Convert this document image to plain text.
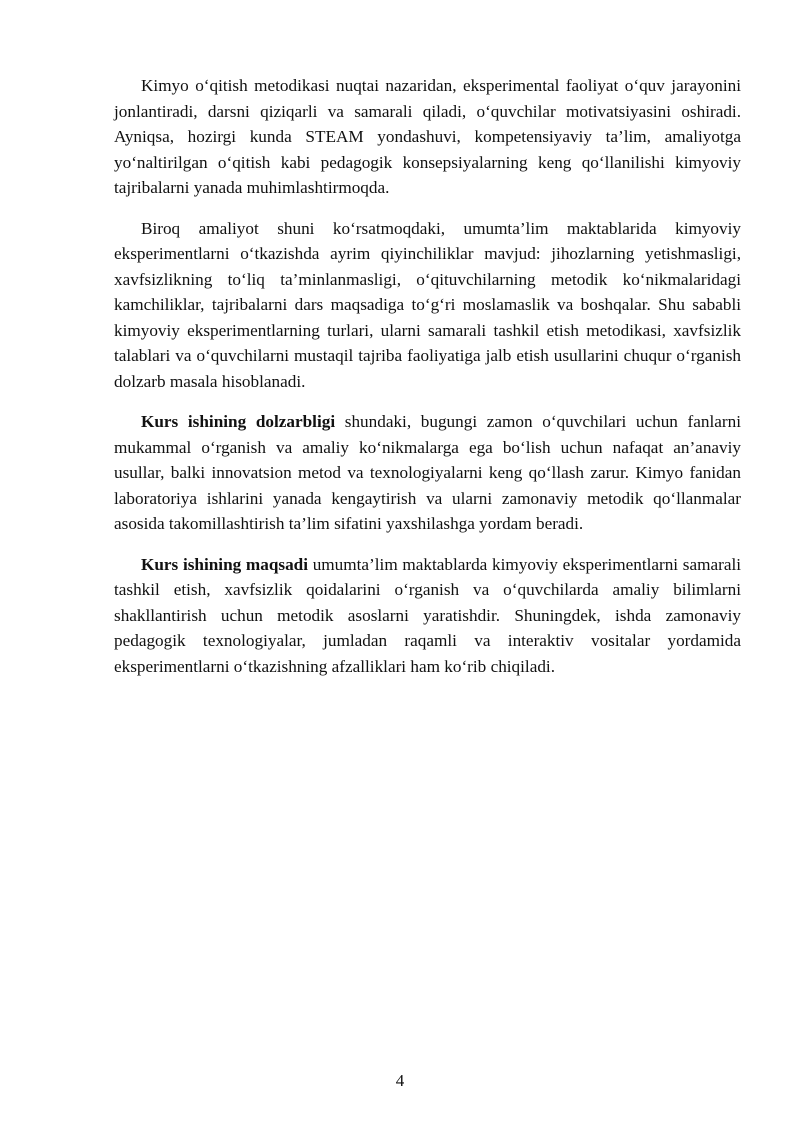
Kimyo o‘qitish metodikasi nuqtai nazaridan, eksperimental faoliyat o‘quv jarayonini jonlantiradi, darsni qiziqarli va samarali qiladi, o‘quvchilar motivatsiyasini oshiradi. Ayniqsa, hozirgi kunda STEAM yondashuvi, kompetensiyaviy ta’lim, amaliyotga yo‘naltirilgan o‘qitish kabi pedagogik konsepsiyalarning keng qo‘llanilishi kimyoviy tajribalarni yanada muhimlashtirmoqda.

Biroq amaliyot shuni ko‘rsatmoqdaki, umumta’lim maktablarida kimyoviy eksperimentlarni o‘tkazishda ayrim qiyinchiliklar mavjud: jihozlarning yetishmasligi, xavfsizlikning to‘liq ta’minlanmasligi, o‘qituvchilarning metodik ko‘nikmalaridagi kamchiliklar, tajribalarni dars maqsadiga to‘g‘ri moslamaslik va boshqalar. Shu sababli kimyoviy eksperimentlarning turlari, ularni samarali tashkil etish metodikasi, xavfsizlik talablari va o‘quvchilarni mustaqil tajriba faoliyatiga jalb etish usullarini chuqur o‘rganish dolzarb masala hisoblanadi.

Kurs ishining dolzarbligi shundaki, bugungi zamon o‘quvchilari uchun fanlarni mukammal o‘rganish va amaliy ko‘nikmalarga ega bo‘lish uchun nafaqat an’anaviy usullar, balki innovatsion metod va texnologiyalarni keng qo‘llash zarur. Kimyo fanidan laboratoriya ishlarini yanada kengaytirish va ularni zamonaviy metodik qo‘llanmalar asosida takomillashtirish ta’lim sifatini yaxshilashga yordam beradi.

Kurs ishining maqsadi umumta’lim maktablarda kimyoviy eksperimentlarni samarali tashkil etish, xavfsizlik qoidalarini o‘rganish va o‘quvchilarda amaliy bilimlarni shakllantirish uchun metodik asoslarni yaratishdir. Shuningdek, ishda zamonaviy pedagogik texnologiyalar, jumladan raqamli va interaktiv vositalar yordamida eksperimentlarni o‘tkazishning afzalliklari ham ko‘rib chiqiladi.

4
